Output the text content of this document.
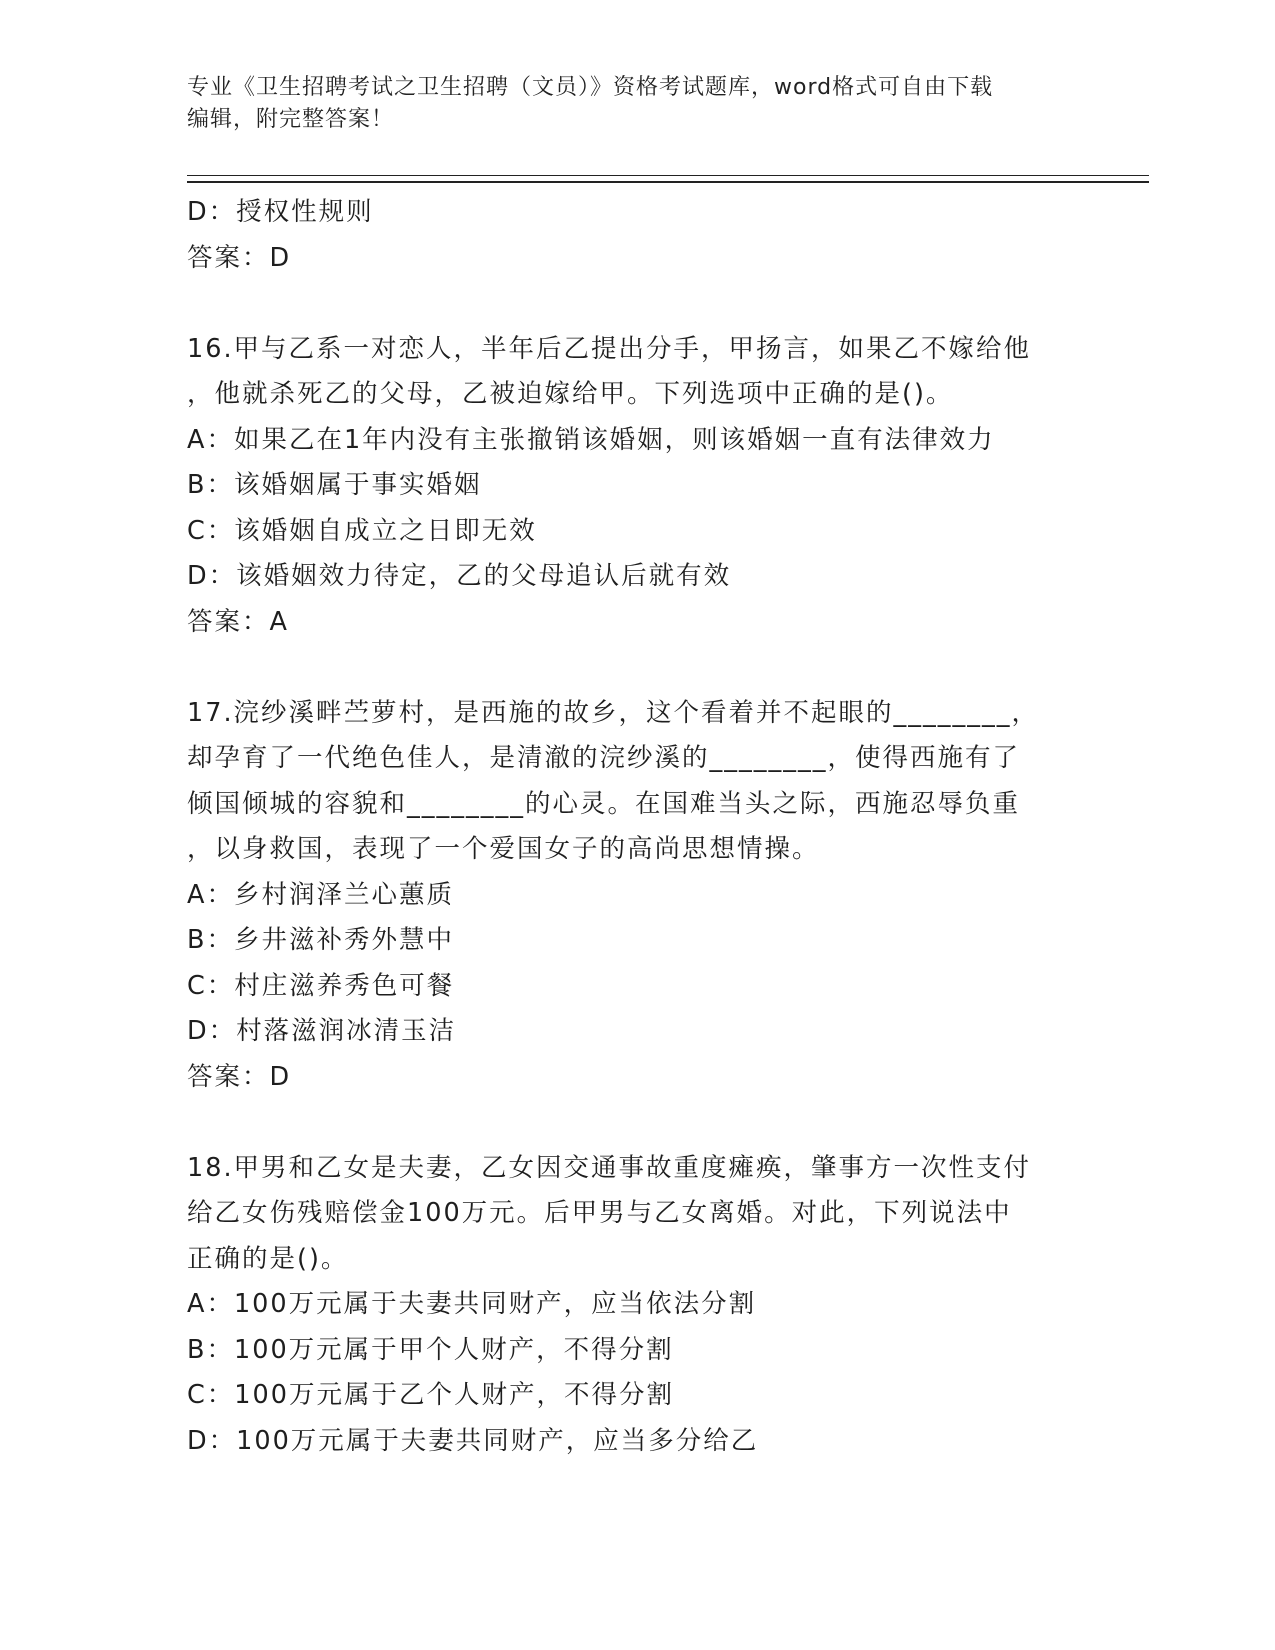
专业《卫生招聘考试之卫生招聘（文员）》资格考试题库，word格式可自由下载
编辑，附完整答案！
D：授权性规则
答案：D
16.甲与乙系一对恋人，半年后乙提出分手，甲扬言，如果乙不嫁给他
，他就杀死乙的父母，乙被迫嫁给甲。下列选项中正确的是()。
A：如果乙在1年内没有主张撤销该婚姻，则该婚姻一直有法律效力
B：该婚姻属于事实婚姻
C：该婚姻自成立之日即无效
D：该婚姻效力待定，乙的父母追认后就有效
答案：A
17.浣纱溪畔苎萝村，是西施的故乡，这个看着并不起眼的________，
却孕育了一代绝色佳人，是清澈的浣纱溪的________，使得西施有了
倾国倾城的容貌和________的心灵。在国难当头之际，西施忍辱负重
，以身救国，表现了一个爱国女子的高尚思想情操。
A：乡村润泽兰心蕙质
B：乡井滋补秀外慧中
C：村庄滋养秀色可餐
D：村落滋润冰清玉洁
答案：D
18.甲男和乙女是夫妻，乙女因交通事故重度瘫痪，肇事方一次性支付
给乙女伤残赔偿金100万元。后甲男与乙女离婚。对此，下列说法中
正确的是()。
A：100万元属于夫妻共同财产，应当依法分割
B：100万元属于甲个人财产，不得分割
C：100万元属于乙个人财产，不得分割
D：100万元属于夫妻共同财产，应当多分给乙
